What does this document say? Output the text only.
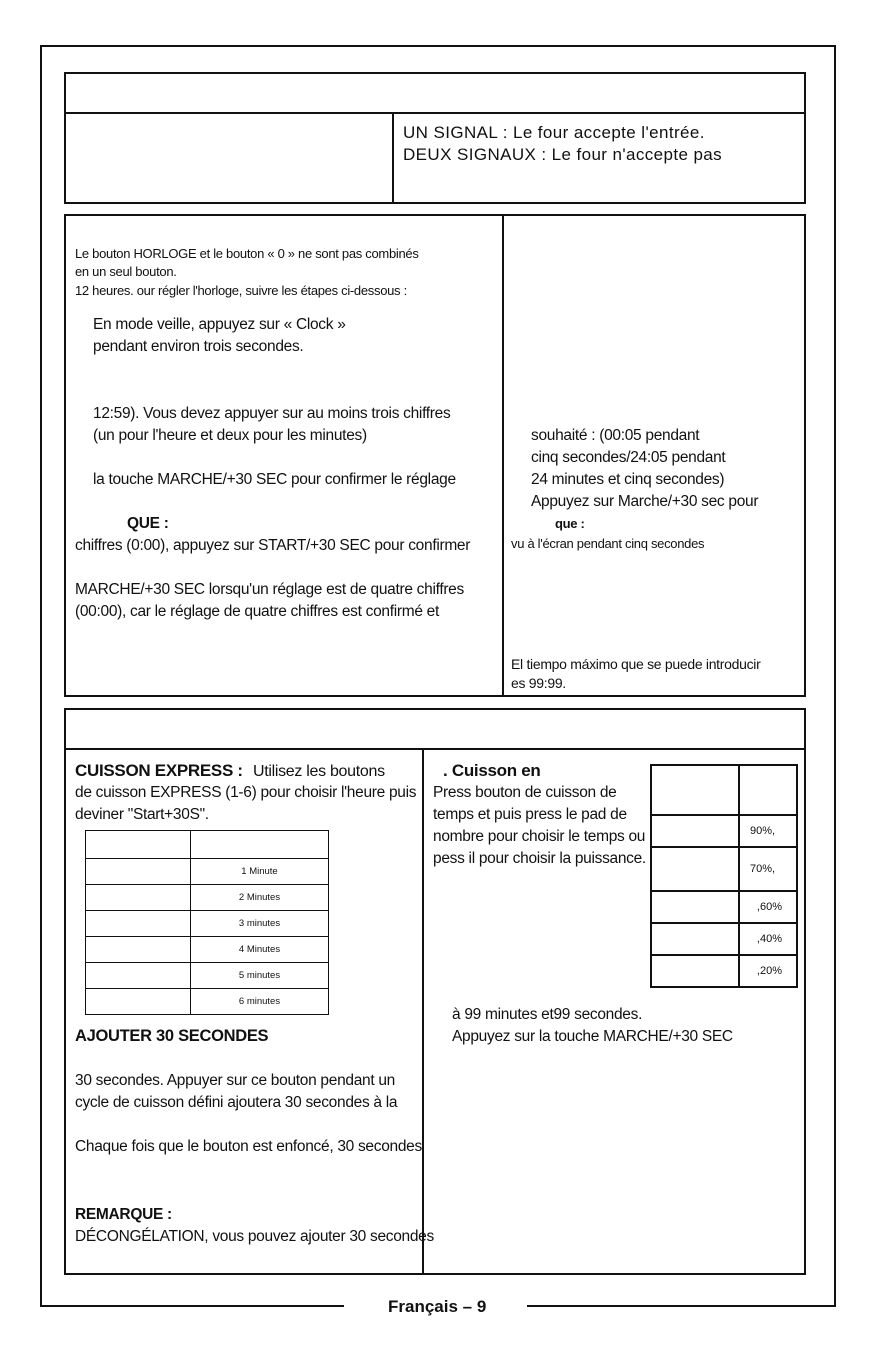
UN SIGNAL : Le four accepte l'entrée.
DEUX SIGNAUX : Le four n'accepte pas
Le bouton HORLOGE et le bouton « 0 » ne sont pas combinés
en un seul bouton.
12 heures. our régler l'horloge, suivre les étapes ci-dessous :
En mode veille, appuyez sur « Clock »
pendant environ trois secondes.
12:59). Vous devez appuyer sur au moins trois chiffres
(un pour l'heure et deux pour les minutes)
la touche MARCHE/+30 SEC pour confirmer le réglage
QUE :
chiffres (0:00), appuyez sur START/+30 SEC pour confirmer
MARCHE/+30 SEC lorsqu'un réglage est de quatre chiffres
(00:00), car le réglage de quatre chiffres est confirmé et
souhaité : (00:05 pendant
cinq secondes/24:05 pendant
24 minutes et cinq secondes)
Appuyez sur Marche/+30 sec pour
que :
vu à l'écran pendant cinq secondes
El tiempo máximo que se puede introducir
es 99:99.
CUISSON EXPRESS : Utilisez les boutons
de cuisson EXPRESS (1-6) pour choisir l'heure puis
deviner "Start+30S".

	1 Minute
	2 Minutes
	3 minutes
	4 Minutes
	5 minutes
	6 minutes
AJOUTER 30 SECONDES
30 secondes. Appuyer sur ce bouton pendant un
cycle de cuisson défini ajoutera 30 secondes à la
Chaque fois que le bouton est enfoncé, 30 secondes
REMARQUE :
DÉCONGÉLATION, vous pouvez ajouter 30 secondes
. Cuisson en
Press bouton de cuisson de
temps et puis press le pad de
nombre pour choisir le temps ou
pess il pour choisir la puissance.

	90%,
	70%,
	,60%
	,40%
	,20%
à 99 minutes et99 secondes.
Appuyez sur la touche MARCHE/+30 SEC
Français – 9
